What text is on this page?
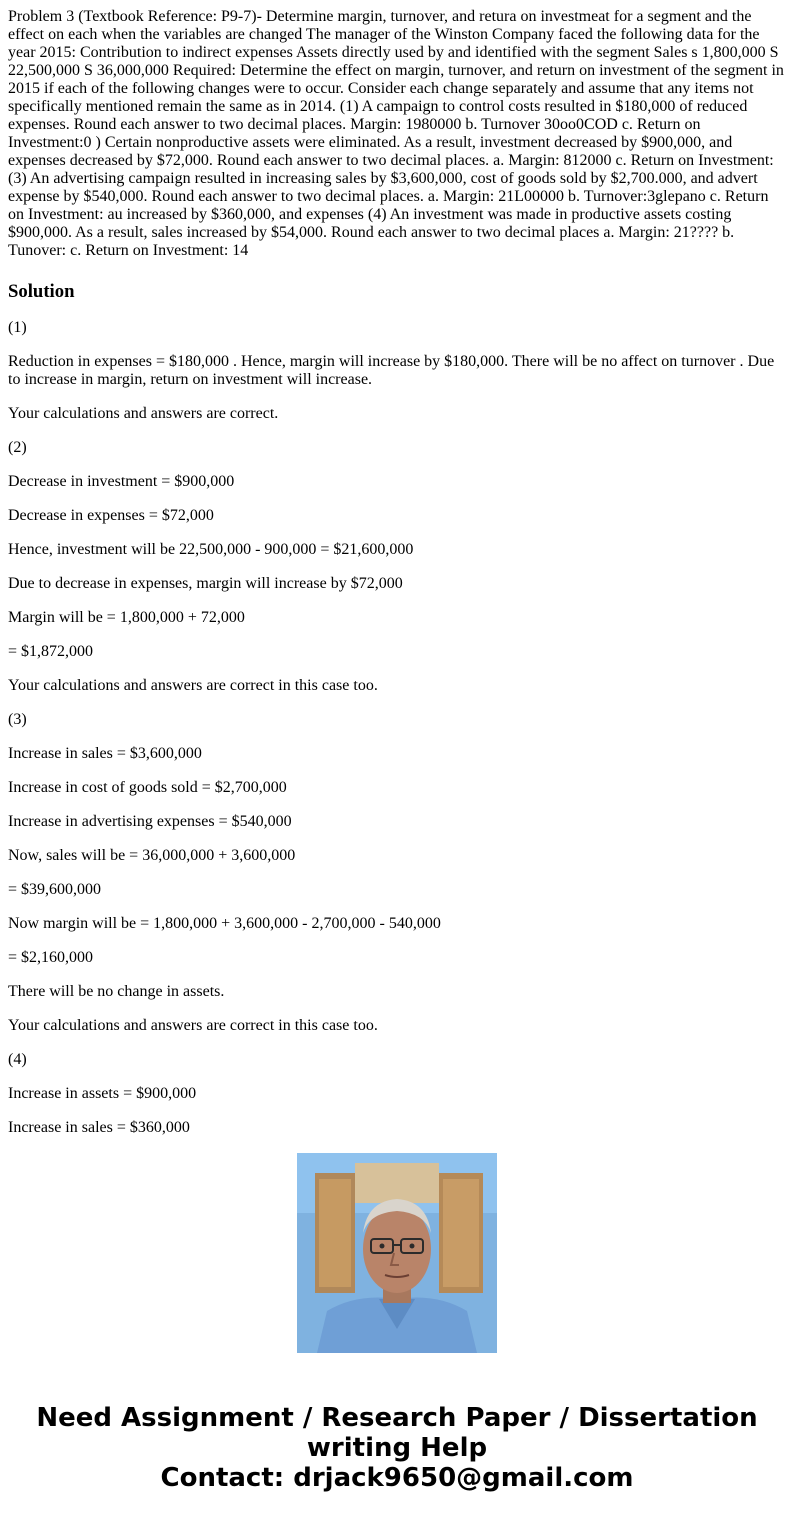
Problem 3 (Textbook Reference: P9-7)- Determine margin, turnover, and retura on investmeat for a segment and the effect on each when the variables are changed The manager of the Winston Company faced the following data for the year 2015: Contribution to indirect expenses Assets directly used by and identified with the segment Sales s 1,800,000 S 22,500,000 S 36,000,000 Required: Determine the effect on margin, turnover, and return on investment of the segment in 2015 if each of the following changes were to occur. Consider each change separately and assume that any items not specifically mentioned remain the same as in 2014. (1) A campaign to control costs resulted in $180,000 of reduced expenses. Round each answer to two decimal places. Margin: 1980000 b. Turnover 30oo0COD c. Return on Investment:0 ) Certain nonproductive assets were eliminated. As a result, investment decreased by $900,000, and expenses decreased by $72,000. Round each answer to two decimal places. a. Margin: 812000 c. Return on Investment: (3) An advertising campaign resulted in increasing sales by $3,600,000, cost of goods sold by $2,700.000, and advert expense by $540,000. Round each answer to two decimal places. a. Margin: 21L00000 b. Turnover:3glepano c. Return on Investment: au increased by $360,000, and expenses (4) An investment was made in productive assets costing $900,000. As a result, sales increased by $54,000. Round each answer to two decimal places a. Margin: 21???? b. Tunover: c. Return on Investment: 14
Solution
(1)
Reduction in expenses = $180,000 . Hence, margin will increase by $180,000. There will be no affect on turnover . Due to increase in margin, return on investment will increase.
Your calculations and answers are correct.
(2)
Decrease in investment = $900,000
Decrease in expenses = $72,000
Hence, investment will be 22,500,000 - 900,000 = $21,600,000
Due to decrease in expenses, margin will increase by $72,000
Margin will be = 1,800,000 + 72,000
= $1,872,000
Your calculations and answers are correct in this case too.
(3)
Increase in sales = $3,600,000
Increase in cost of goods sold = $2,700,000
Increase in advertising expenses = $540,000
Now, sales will be = 36,000,000 + 3,600,000
= $39,600,000
Now margin will be = 1,800,000 + 3,600,000 - 2,700,000 - 540,000
= $2,160,000
There will be no change in assets.
Your calculations and answers are correct in this case too.
(4)
Increase in assets = $900,000
Increase in sales = $360,000
Need Assignment / Research Paper / Dissertation writing Help
Contact: drjack9650@gmail.com
